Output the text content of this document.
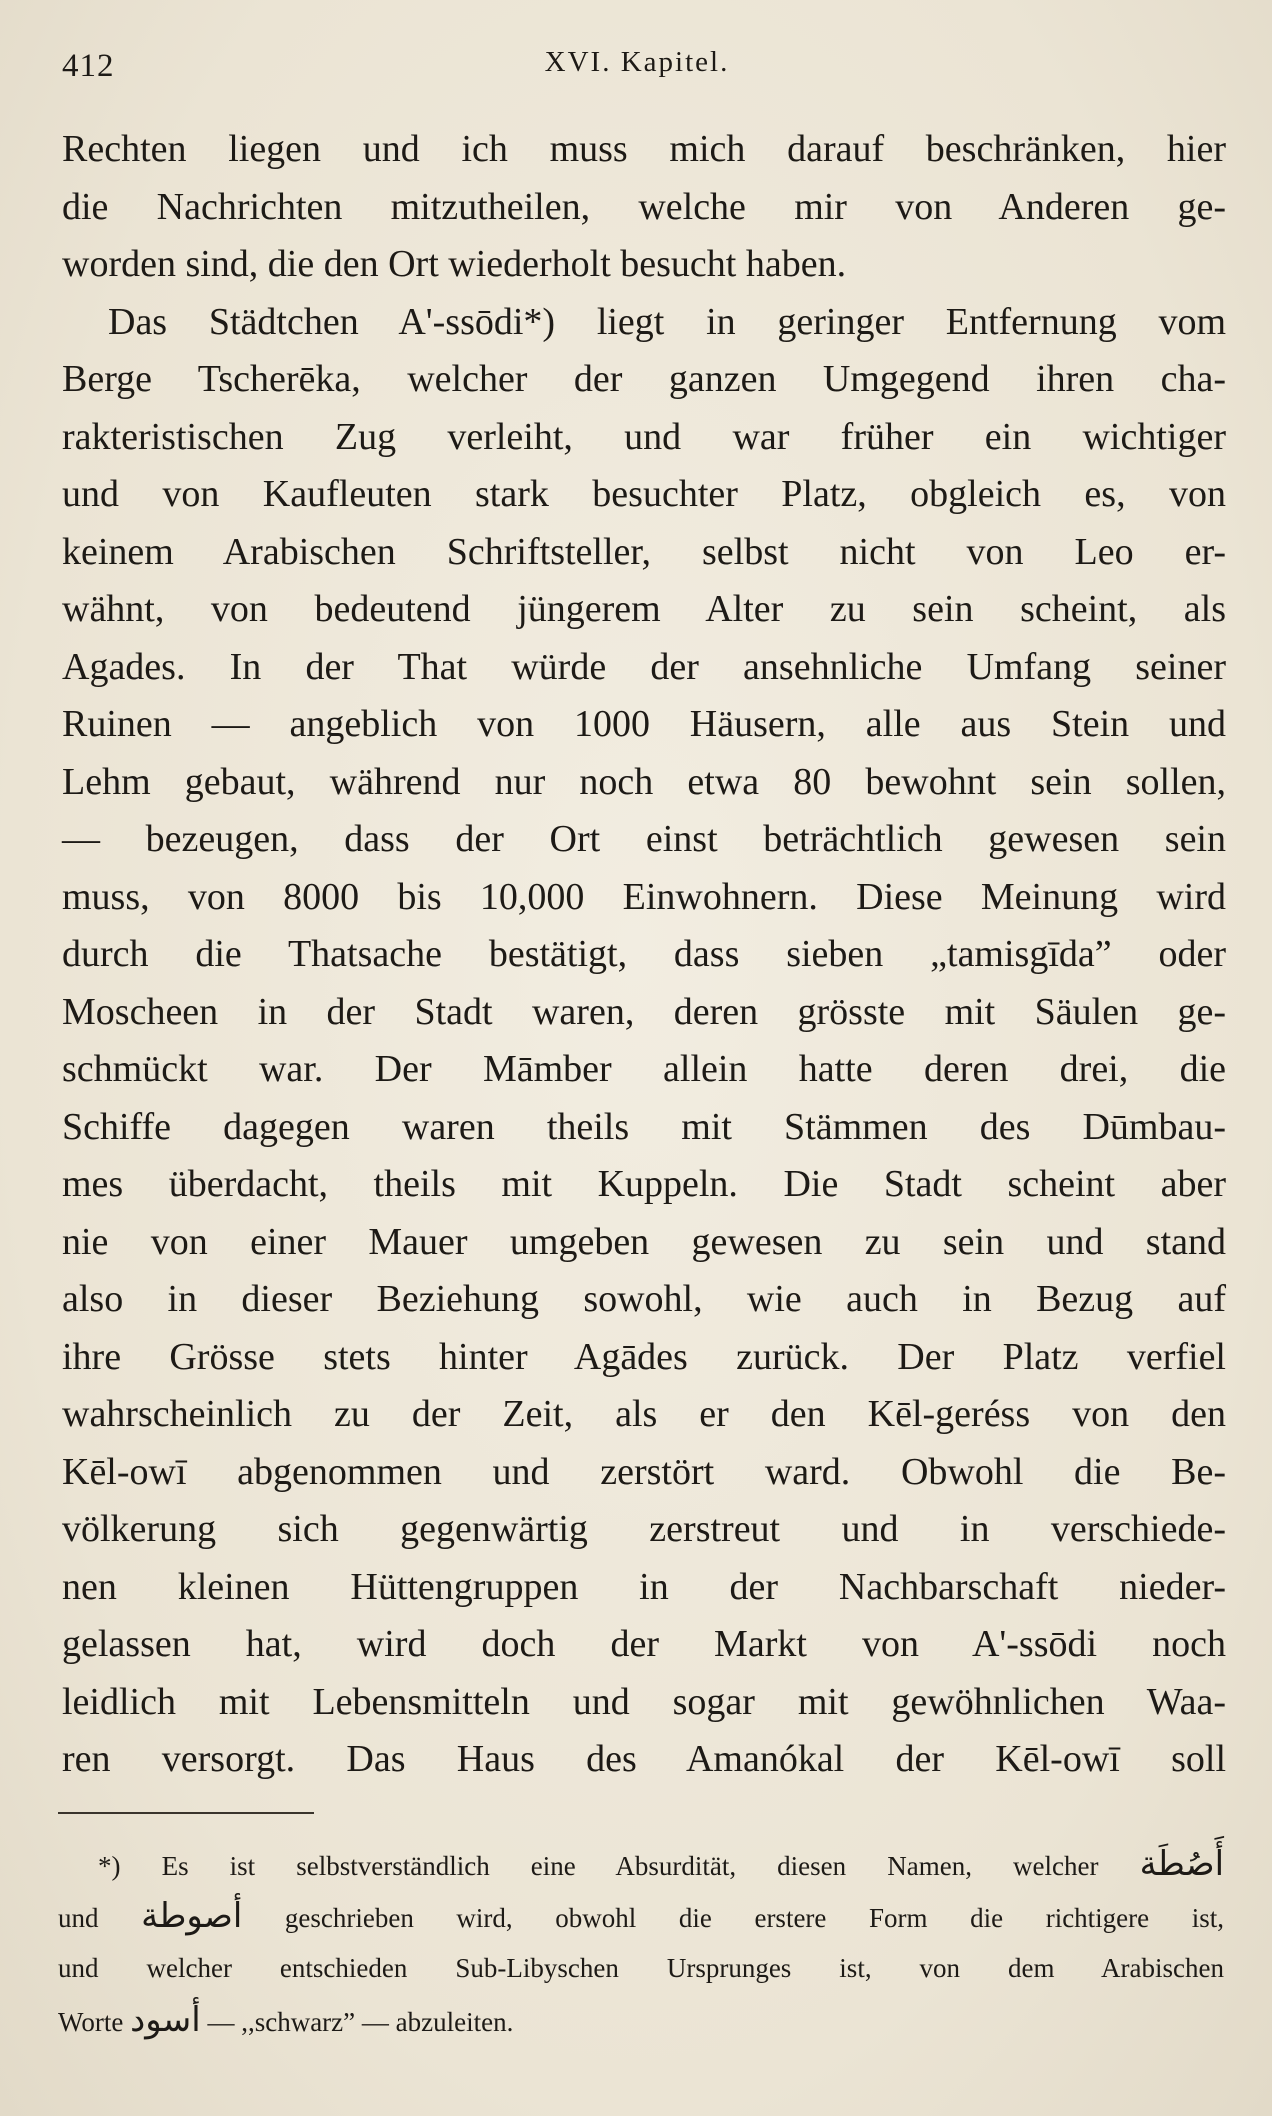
412	XVI. Kapitel.
Rechten liegen und ich muss mich darauf beschränken, hier
die Nachrichten mitzutheilen, welche mir von Anderen ge-
worden sind, die den Ort wiederholt besucht haben.
Das Städtchen A'-ssōdi*) liegt in geringer Entfernung vom
Berge Tscherēka, welcher der ganzen Umgegend ihren cha-
rakteristischen Zug verleiht, und war früher ein wichtiger
und von Kaufleuten stark besuchter Platz, obgleich es, von
keinem Arabischen Schriftsteller, selbst nicht von Leo er-
wähnt, von bedeutend jüngerem Alter zu sein scheint, als
Agades. In der That würde der ansehnliche Umfang seiner
Ruinen — angeblich von 1000 Häusern, alle aus Stein und
Lehm gebaut, während nur noch etwa 80 bewohnt sein sollen,
— bezeugen, dass der Ort einst beträchtlich gewesen sein
muss, von 8000 bis 10,000 Einwohnern. Diese Meinung wird
durch die Thatsache bestätigt, dass sieben „tamisgīda” oder
Moscheen in der Stadt waren, deren grösste mit Säulen ge-
schmückt war. Der Māmber allein hatte deren drei, die
Schiffe dagegen waren theils mit Stämmen des Dūmbau-
mes überdacht, theils mit Kuppeln. Die Stadt scheint aber
nie von einer Mauer umgeben gewesen zu sein und stand
also in dieser Beziehung sowohl, wie auch in Bezug auf
ihre Grösse stets hinter Agādes zurück. Der Platz verfiel
wahrscheinlich zu der Zeit, als er den Kēl-geréss von den
Kēl-owī abgenommen und zerstört ward. Obwohl die Be-
völkerung sich gegenwärtig zerstreut und in verschiede-
nen kleinen Hüttengruppen in der Nachbarschaft nieder-
gelassen hat, wird doch der Markt von A'-ssōdi noch
leidlich mit Lebensmitteln und sogar mit gewöhnlichen Waa-
ren versorgt. Das Haus des Amanókal der Kēl-owī soll
*) Es ist selbstverständlich eine Absurdität, diesen Namen, welcher أَصُطَة
und أصوطة geschrieben wird, obwohl die erstere Form die richtigere ist,
und welcher entschieden Sub-Libyschen Ursprunges ist, von dem Arabischen
Worte أسود — ,,schwarz” — abzuleiten.
